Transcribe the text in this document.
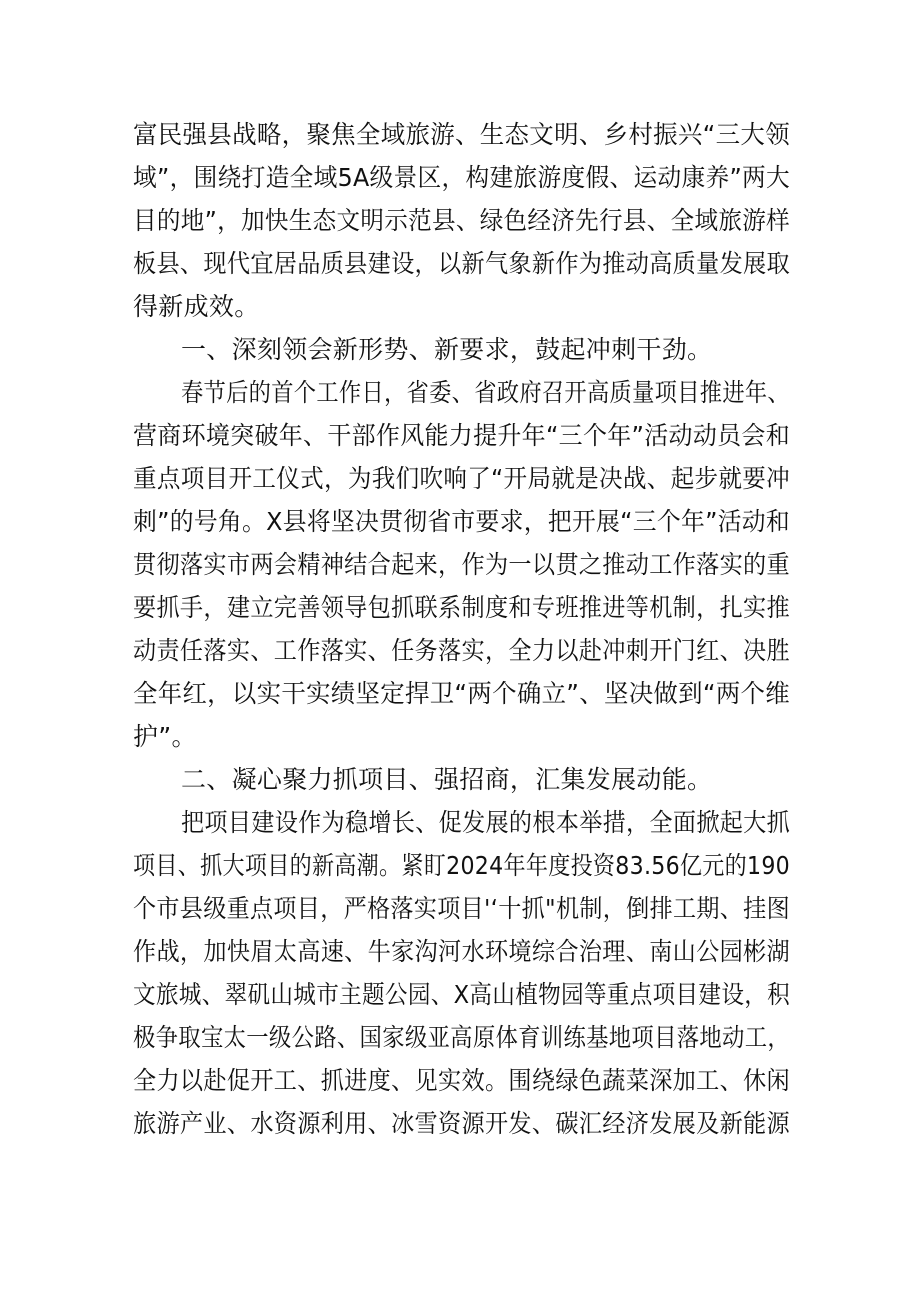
富民强县战略，聚焦全域旅游、生态文明、乡村振兴“三大领
域”，围绕打造全域5A级景区，构建旅游度假、运动康养”两大
目的地”，加快生态文明示范县、绿色经济先行县、全域旅游样
板县、现代宜居品质县建设，以新气象新作为推动高质量发展取
得新成效。
一、深刻领会新形势、新要求，鼓起冲刺干劲。
春节后的首个工作日，省委、省政府召开高质量项目推进年、
营商环境突破年、干部作风能力提升年“三个年”活动动员会和
重点项目开工仪式，为我们吹响了“开局就是决战、起步就要冲
刺”的号角。X县将坚决贯彻省市要求，把开展“三个年”活动和
贯彻落实市两会精神结合起来，作为一以贯之推动工作落实的重
要抓手，建立完善领导包抓联系制度和专班推进等机制，扎实推
动责任落实、工作落实、任务落实，全力以赴冲刺开门红、决胜
全年红，以实干实绩坚定捍卫“两个确立”、坚决做到“两个维
护”。
二、凝心聚力抓项目、强招商，汇集发展动能。
把项目建设作为稳增长、促发展的根本举措，全面掀起大抓
项目、抓大项目的新高潮。紧盯2024年年度投资83.56亿元的190
个市县级重点项目，严格落实项目'‘十抓"机制，倒排工期、挂图
作战，加快眉太高速、牛家沟河水环境综合治理、南山公园彬湖
文旅城、翠矶山城市主题公园、X高山植物园等重点项目建设，积
极争取宝太一级公路、国家级亚高原体育训练基地项目落地动工，
全力以赴促开工、抓进度、见实效。围绕绿色蔬菜深加工、休闲
旅游产业、水资源利用、冰雪资源开发、碳汇经济发展及新能源
